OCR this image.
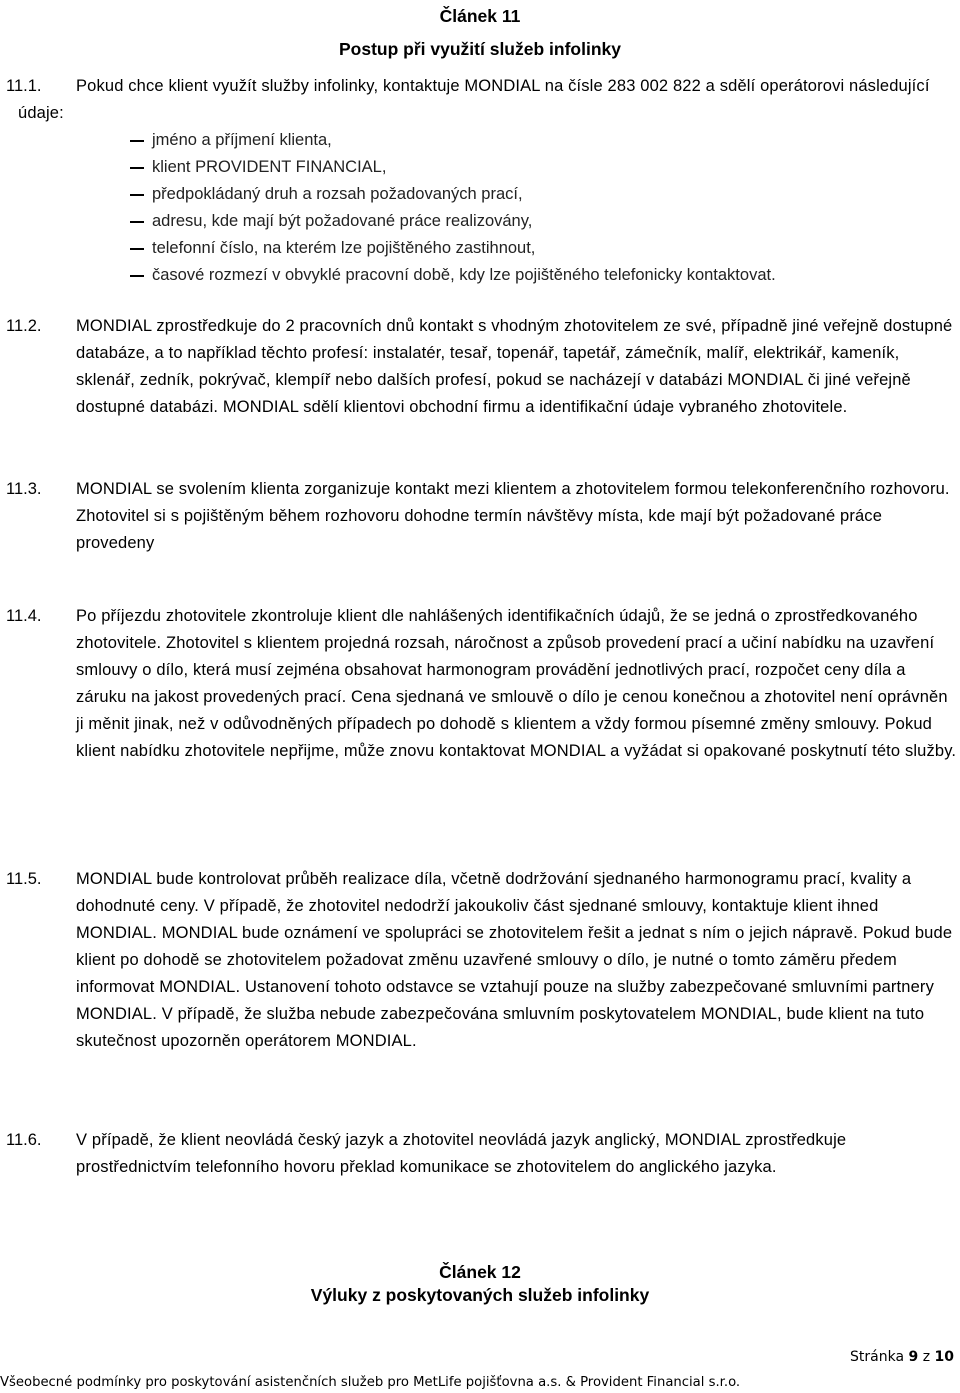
Článek 11
Postup při využití služeb infolinky
11.1.	Pokud chce klient využít služby infolinky, kontaktuje MONDIAL na čísle 283 002 822 a sdělí operátorovi následující údaje:
jméno a příjmení klienta,
klient PROVIDENT FINANCIAL,
předpokládaný druh a rozsah požadovaných prací,
adresu, kde mají být požadované práce realizovány,
telefonní číslo, na kterém lze pojištěného zastihnout,
časové rozmezí v obvyklé pracovní době, kdy lze pojištěného telefonicky kontaktovat.
11.2. MONDIAL zprostředkuje do 2 pracovních dnů kontakt s vhodným zhotovitelem ze své, případně jiné veřejně dostupné databáze, a to například těchto profesí: instalatér, tesař, topenář, tapetář, zámečník, malíř, elektrikář, kameník, sklenář, zedník, pokrývač, klempíř nebo dalších profesí, pokud se nacházejí v databázi MONDIAL či jiné veřejně dostupné databázi. MONDIAL sdělí klientovi obchodní firmu a identifikační údaje vybraného zhotovitele.
11.3. MONDIAL se svolením klienta zorganizuje kontakt mezi klientem a zhotovitelem formou telekonferenčního rozhovoru. Zhotovitel si s pojištěným během rozhovoru dohodne termín návštěvy místa, kde mají být požadované práce provedeny
11.4. Po příjezdu zhotovitele zkontroluje klient dle nahlášených identifikačních údajů, že se jedná o zprostředkovaného zhotovitele. Zhotovitel s klientem projedná rozsah, náročnost a způsob provedení prací a učiní nabídku na uzavření smlouvy o dílo, která musí zejména obsahovat harmonogram provádění jednotlivých prací, rozpočet ceny díla a záruku na jakost provedených prací. Cena sjednaná ve smlouvě o dílo je cenou konečnou a zhotovitel není oprávněn ji měnit jinak, než v odůvodněných případech po dohodě s klientem a vždy formou písemné změny smlouvy. Pokud klient nabídku zhotovitele nepřijme, může znovu kontaktovat MONDIAL a vyžádat si opakované poskytnutí této služby.
11.5. MONDIAL bude kontrolovat průběh realizace díla, včetně dodržování sjednaného harmonogramu prací, kvality a dohodnuté ceny. V případě, že zhotovitel nedodrží jakoukoliv část sjednané smlouvy, kontaktuje klient ihned MONDIAL. MONDIAL bude oznámení ve spolupráci se zhotovitelem řešit a jednat s ním o jejich nápravě. Pokud bude klient po dohodě se zhotovitelem požadovat změnu uzavřené smlouvy o dílo, je nutné o tomto záměru předem informovat MONDIAL. Ustanovení tohoto odstavce se vztahují pouze na služby zabezpečované smluvními partnery MONDIAL. V případě, že služba nebude zabezpečována smluvním poskytovatelem MONDIAL, bude klient na tuto skutečnost upozorněn operátorem MONDIAL.
11.6. V případě, že klient neovládá český jazyk a zhotovitel neovládá jazyk anglický, MONDIAL zprostředkuje prostřednictvím telefonního hovoru překlad komunikace se zhotovitelem do anglického jazyka.
Článek 12
Výluky z poskytovaných služeb infolinky
Stránka 9 z 10
Všeobecné podmínky pro poskytování asistenčních služeb pro MetLife pojišťovna a.s. & Provident Financial s.r.o.
